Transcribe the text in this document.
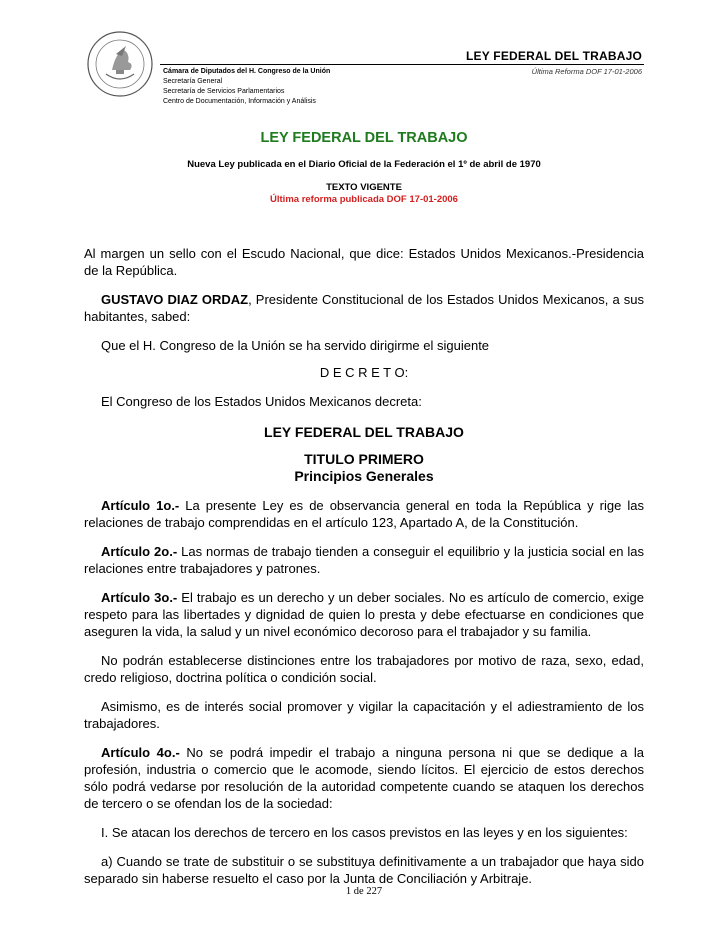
LEY FEDERAL DEL TRABAJO
Última Reforma DOF 17-01-2006
Cámara de Diputados del H. Congreso de la Unión
Secretaría General
Secretaría de Servicios Parlamentarios
Centro de Documentación, Información y Análisis
LEY FEDERAL DEL TRABAJO
Nueva Ley publicada en el Diario Oficial de la Federación el 1º de abril de 1970
TEXTO VIGENTE
Última reforma publicada DOF 17-01-2006

Al margen un sello con el Escudo Nacional, que dice: Estados Unidos Mexicanos.-Presidencia de la República.

GUSTAVO DIAZ ORDAZ, Presidente Constitucional de los Estados Unidos Mexicanos, a sus habitantes, sabed:

Que el H. Congreso de la Unión se ha servido dirigirme el siguiente

D E C R E T O:

El Congreso de los Estados Unidos Mexicanos decreta:

LEY FEDERAL DEL TRABAJO

TITULO PRIMERO

Principios Generales

Artículo 1o.- La presente Ley es de observancia general en toda la República y rige las relaciones de trabajo comprendidas en el artículo 123, Apartado A, de la Constitución.

Artículo 2o.- Las normas de trabajo tienden a conseguir el equilibrio y la justicia social en las relaciones entre trabajadores y patrones.

Artículo 3o.- El trabajo es un derecho y un deber sociales. No es artículo de comercio, exige respeto para las libertades y dignidad de quien lo presta y debe efectuarse en condiciones que aseguren la vida, la salud y un nivel económico decoroso para el trabajador y su familia.

No podrán establecerse distinciones entre los trabajadores por motivo de raza, sexo, edad, credo religioso, doctrina política o condición social.

Asimismo, es de interés social promover y vigilar la capacitación y el adiestramiento de los trabajadores.

Artículo 4o.- No se podrá impedir el trabajo a ninguna persona ni que se dedique a la profesión, industria o comercio que le acomode, siendo lícitos. El ejercicio de estos derechos sólo podrá vedarse por resolución de la autoridad competente cuando se ataquen los derechos de tercero o se ofendan los de la sociedad:

I. Se atacan los derechos de tercero en los casos previstos en las leyes y en los siguientes:

a) Cuando se trate de substituir o se substituya definitivamente a un trabajador que haya sido separado sin haberse resuelto el caso por la Junta de Conciliación y Arbitraje.

1 de 227
